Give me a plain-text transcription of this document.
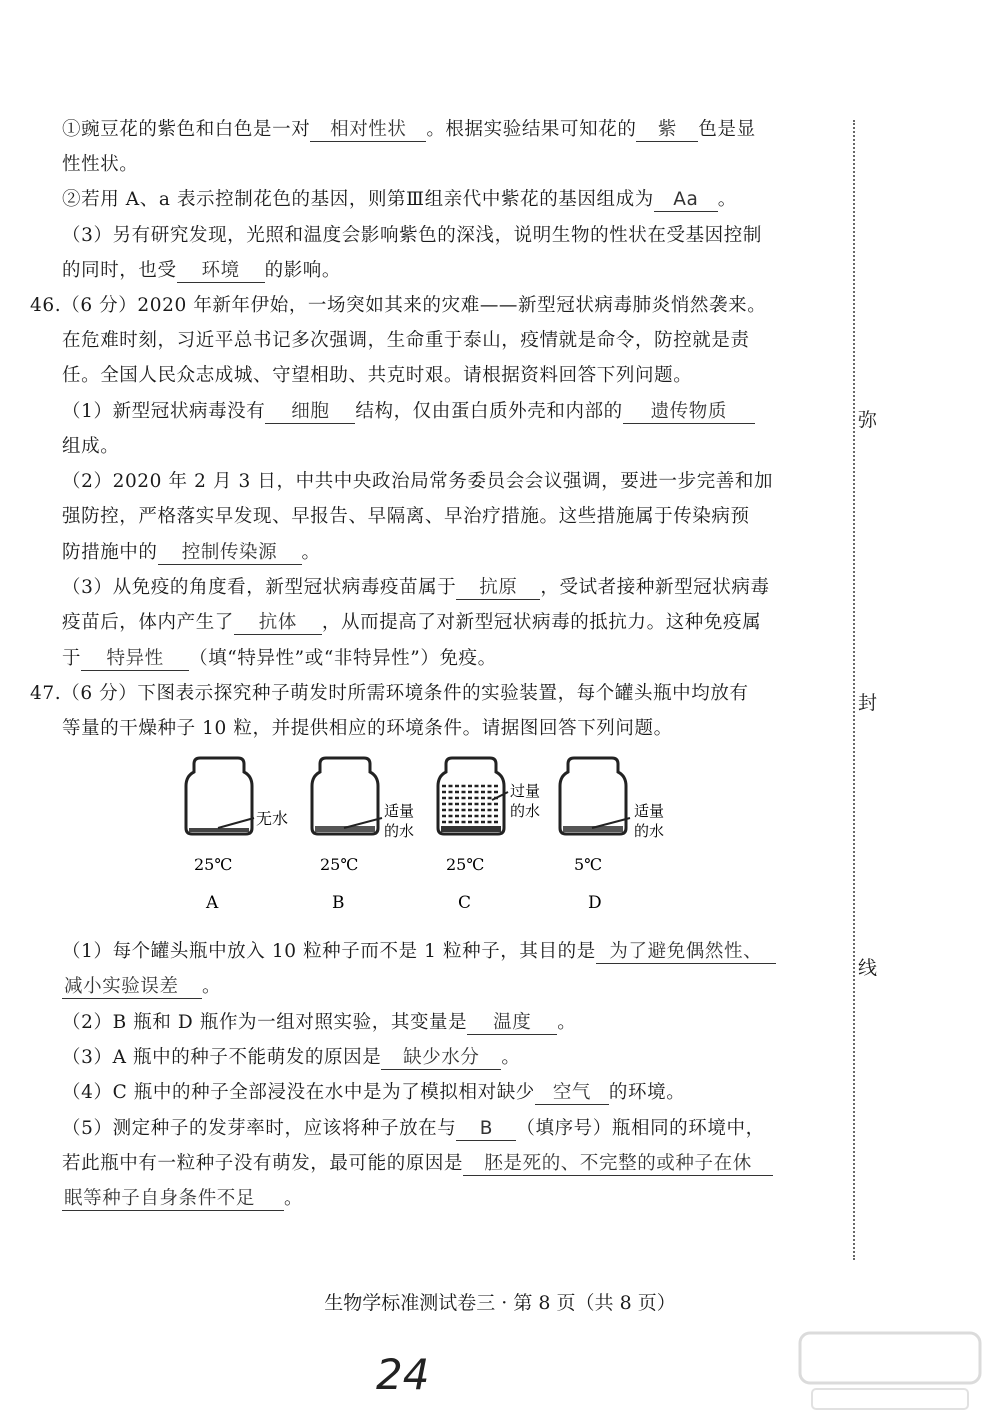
弥
封
线
①豌豆花的紫色和白色是一对 相对性状 。根据实验结果可知花的 紫 色是显
性性状。
②若用 A、a 表示控制花色的基因，则第Ⅲ组亲代中紫花的基因组成为 Aa 。
（3）另有研究发现，光照和温度会影响紫色的深浅，说明生物的性状在受基因控制
的同时，也受 环境 的影响。
46.（6 分）2020 年新年伊始，一场突如其来的灾难——新型冠状病毒肺炎悄然袭来。
在危难时刻，习近平总书记多次强调，生命重于泰山，疫情就是命令，防控就是责
任。全国人民众志成城、守望相助、共克时艰。请根据资料回答下列问题。
（1）新型冠状病毒没有 细胞 结构，仅由蛋白质外壳和内部的 遗传物质
组成。
（2）2020 年 2 月 3 日，中共中央政治局常务委员会会议强调，要进一步完善和加
强防控，严格落实早发现、早报告、早隔离、早治疗措施。这些措施属于传染病预
防措施中的 控制传染源 。
（3）从免疫的角度看，新型冠状病毒疫苗属于 抗原 ，受试者接种新型冠状病毒
疫苗后，体内产生了 抗体 ，从而提高了对新型冠状病毒的抵抗力。这种免疫属
于 特异性 （填“特异性”或“非特异性”）免疫。
47.（6 分）下图表示探究种子萌发时所需环境条件的实验装置，每个罐头瓶中均放有
等量的干燥种子 10 粒，并提供相应的环境条件。请据图回答下列问题。
无水
25℃
A
适量
的水
25℃
B
过量
的水
25℃
C
适量
的水
5℃
D
（1）每个罐头瓶中放入 10 粒种子而不是 1 粒种子，其目的是 为了避免偶然性、
减小实验误差 。
（2）B 瓶和 D 瓶作为一组对照实验，其变量是 温度 。
（3）A 瓶中的种子不能萌发的原因是 缺少水分 。
（4）C 瓶中的种子全部浸没在水中是为了模拟相对缺少 空气 的环境。
（5）测定种子的发芽率时，应该将种子放在与 B （填序号）瓶相同的环境中，
若此瓶中有一粒种子没有萌发，最可能的原因是 胚是死的、不完整的或种子在休
眠等种子自身条件不足 。
生物学标准测试卷三 · 第 8 页（共 8 页）
24
